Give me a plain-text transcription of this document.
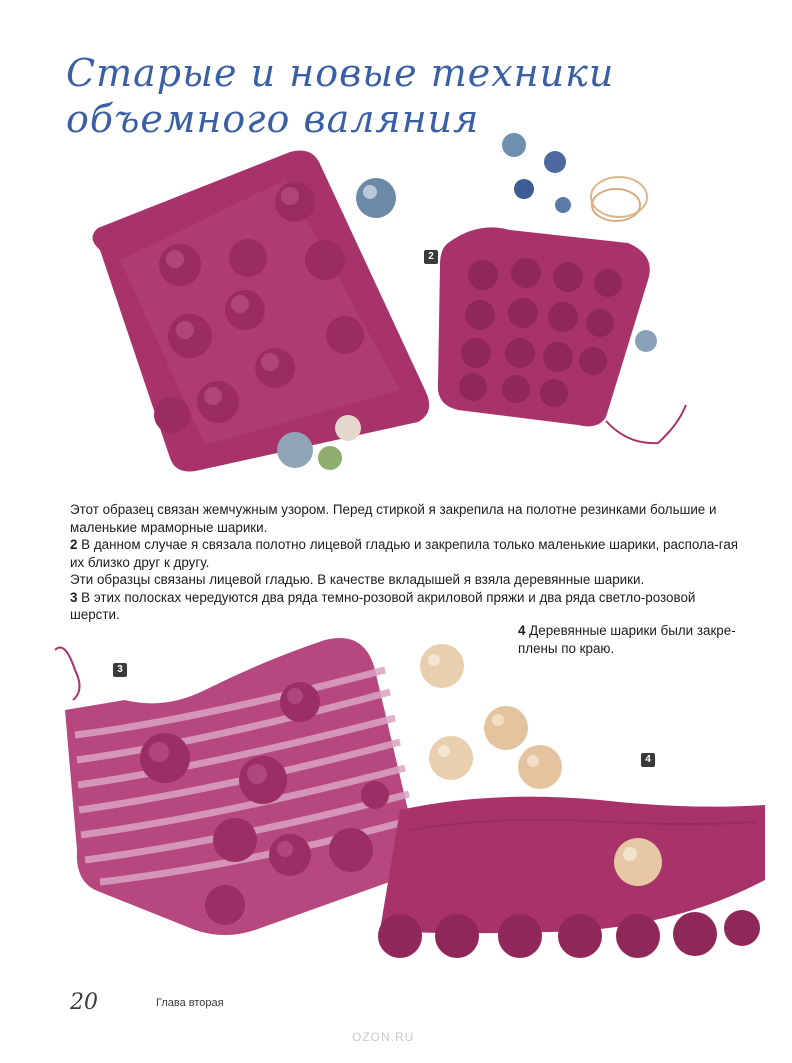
Старые и новые техники
объемного валяния
2

Этот образец связан жемчужным узором. Перед стиркой я закрепила на полотне резинками большие и маленькие мраморные шарики.

2 В данном случае я связала полотно лицевой гладью и закрепила только маленькие шарики, распола-гая их близко друг к другу.

Эти образцы связаны лицевой гладью. В качестве вкладышей я взяла деревянные шарики.

3 В этих полосках чередуются два ряда темно-розовой акриловой пряжи и два ряда светло-розовой шерсти.

4 Деревянные шарики были закре-плены по краю.

3
4
20	Глава вторая
OZON.RU
